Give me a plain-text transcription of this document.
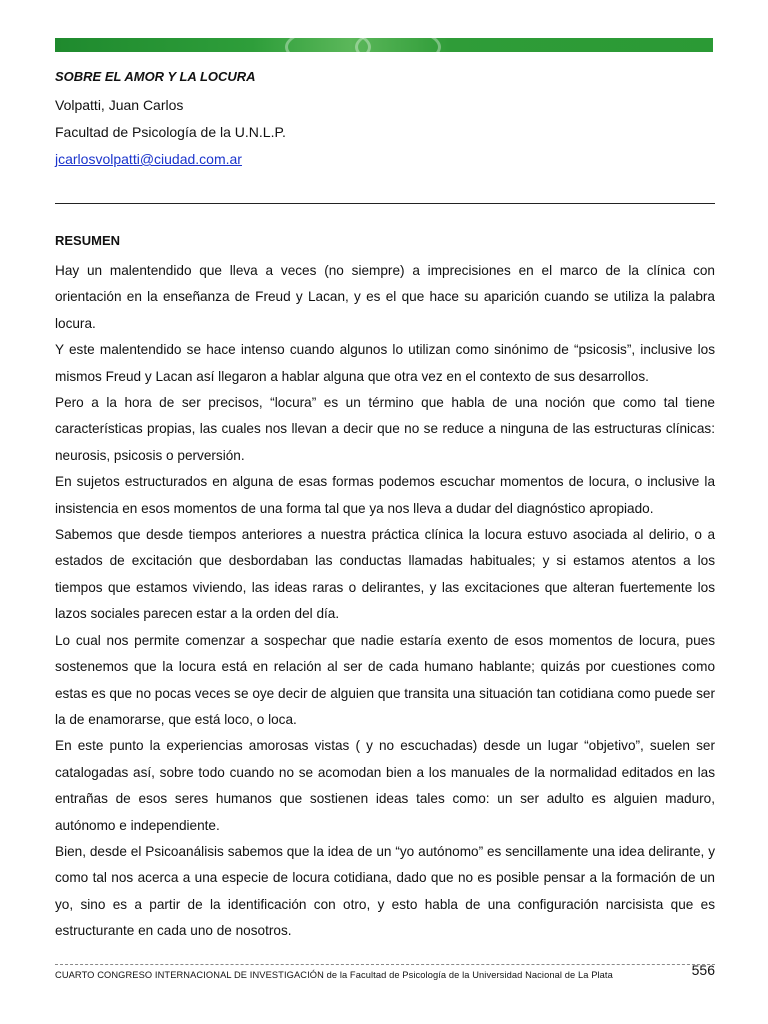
SOBRE EL AMOR Y LA LOCURA
Volpatti, Juan Carlos
Facultad de Psicología de la U.N.L.P.
jcarlosvolpatti@ciudad.com.ar
RESUMEN

Hay un malentendido que lleva a veces (no siempre) a imprecisiones en el marco de la clínica con orientación en la enseñanza de Freud y Lacan, y es el que hace su aparición cuando se utiliza la palabra locura.

Y este malentendido se hace intenso cuando algunos lo utilizan como sinónimo de “psicosis”, inclusive los mismos Freud y Lacan así llegaron a hablar alguna que otra vez en el contexto de sus desarrollos.

Pero a la hora de ser precisos, “locura” es un término que habla de una noción que como tal tiene características propias, las cuales nos llevan a decir que no se reduce a ninguna de las estructuras clínicas: neurosis, psicosis o perversión.

En sujetos estructurados en alguna de esas formas podemos escuchar momentos de locura, o inclusive la insistencia en esos momentos de una forma tal que ya nos lleva a dudar del diagnóstico apropiado.

Sabemos que desde tiempos anteriores a nuestra práctica clínica la locura estuvo asociada al delirio, o a estados de excitación que desbordaban las conductas llamadas habituales; y si estamos atentos a los tiempos que estamos viviendo, las ideas raras o delirantes, y las excitaciones que alteran fuertemente los lazos sociales parecen estar a la orden del día.

Lo cual nos permite comenzar a sospechar que nadie estaría exento de esos momentos de locura, pues sostenemos que la locura está en relación al ser de cada humano hablante; quizás por cuestiones como estas es que no pocas veces se oye decir de alguien que transita una situación tan cotidiana como puede ser la de enamorarse, que está loco, o loca.

En este punto la experiencias amorosas vistas ( y no escuchadas) desde un lugar “objetivo”, suelen ser catalogadas así, sobre todo cuando no se acomodan bien a los manuales de la normalidad editados en las entrañas de esos seres humanos que sostienen ideas tales como: un ser adulto es alguien maduro, autónomo e independiente.

Bien, desde el Psicoanálisis sabemos que la idea de un “yo autónomo” es sencillamente una idea delirante, y como tal nos acerca a una especie de locura cotidiana, dado que no es posible pensar a la formación de un yo, sino es a partir de la identificación con otro, y esto habla de una configuración narcisista que es estructurante en cada uno de nosotros.

CUARTO CONGRESO INTERNACIONAL DE INVESTIGACIÓN de la Facultad de Psicología de la Universidad Nacional de La Plata	556
